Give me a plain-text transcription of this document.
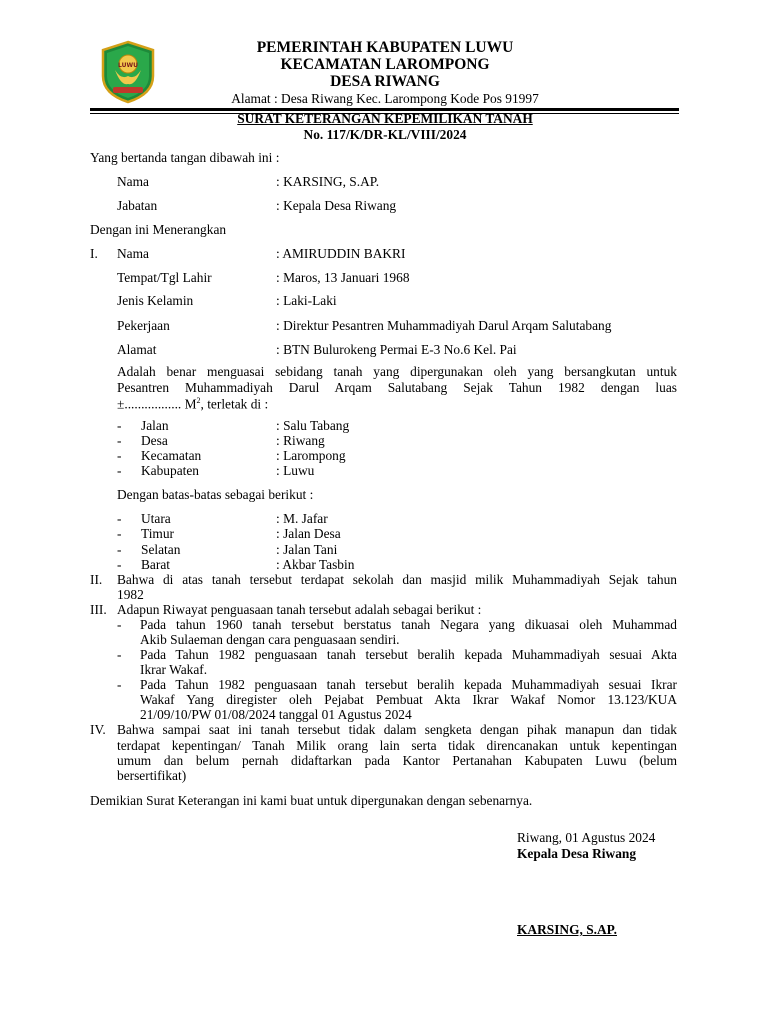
LUWU
PEMERINTAH KABUPATEN LUWU
KECAMATAN LAROMPONG
DESA RIWANG
Alamat : Desa Riwang Kec. Larompong Kode Pos 91997
SURAT KETERANGAN KEPEMILIKAN TANAH
No. 117/K/DR-KL/VIII/2024
Yang bertanda tangan dibawah ini :
Nama	: KARSING, S.AP.
Jabatan	: Kepala Desa Riwang
Dengan ini Menerangkan
I. Nama	: AMIRUDDIN BAKRI
Tempat/Tgl Lahir	: Maros, 13 Januari 1968
Jenis Kelamin	: Laki-Laki
Pekerjaan	: Direktur Pesantren Muhammadiyah Darul Arqam Salutabang
Alamat	: BTN Bulurokeng Permai E-3 No.6 Kel. Pai
Adalah benar menguasai sebidang tanah yang dipergunakan oleh yang bersangkutan untuk
Pesantren Muhammadiyah Darul Arqam Salutabang Sejak Tahun 1982 dengan luas
±................. $M^2$, terletak di :
- Jalan	: Salu Tabang
- Desa	: Riwang
- Kecamatan	: Larompong
- Kabupaten	: Luwu
Dengan batas-batas sebagai berikut :
- Utara	: M. Jafar
- Timur	: Jalan Desa
- Selatan	: Jalan Tani
- Barat	: Akbar Tasbin
II. Bahwa di atas tanah tersebut terdapat sekolah dan masjid milik Muhammadiyah Sejak tahun
1982
III. Adapun Riwayat penguasaan tanah tersebut adalah sebagai berikut :
- Pada tahun 1960 tanah tersebut berstatus tanah Negara yang dikuasai oleh Muhammad
Akib Sulaeman dengan cara penguasaan sendiri.
- Pada Tahun 1982 penguasaan tanah tersebut beralih kepada Muhammadiyah sesuai Akta
Ikrar Wakaf.
- Pada Tahun 1982 penguasaan tanah tersebut beralih kepada Muhammadiyah sesuai Ikrar
Wakaf Yang diregister oleh Pejabat Pembuat Akta Ikrar Wakaf Nomor 13.123/KUA
21/09/10/PW 01/08/2024 tanggal 01 Agustus 2024
IV. Bahwa sampai saat ini tanah tersebut tidak dalam sengketa dengan pihak manapun dan tidak
terdapat kepentingan/ Tanah Milik orang lain serta tidak direncanakan untuk kepentingan
umum dan belum pernah didaftarkan pada Kantor Pertanahan Kabupaten Luwu (belum
bersertifikat)
Demikian Surat Keterangan ini kami buat untuk dipergunakan dengan sebenarnya.
Riwang, 01 Agustus 2024
Kepala Desa Riwang
KARSING, S.AP.
